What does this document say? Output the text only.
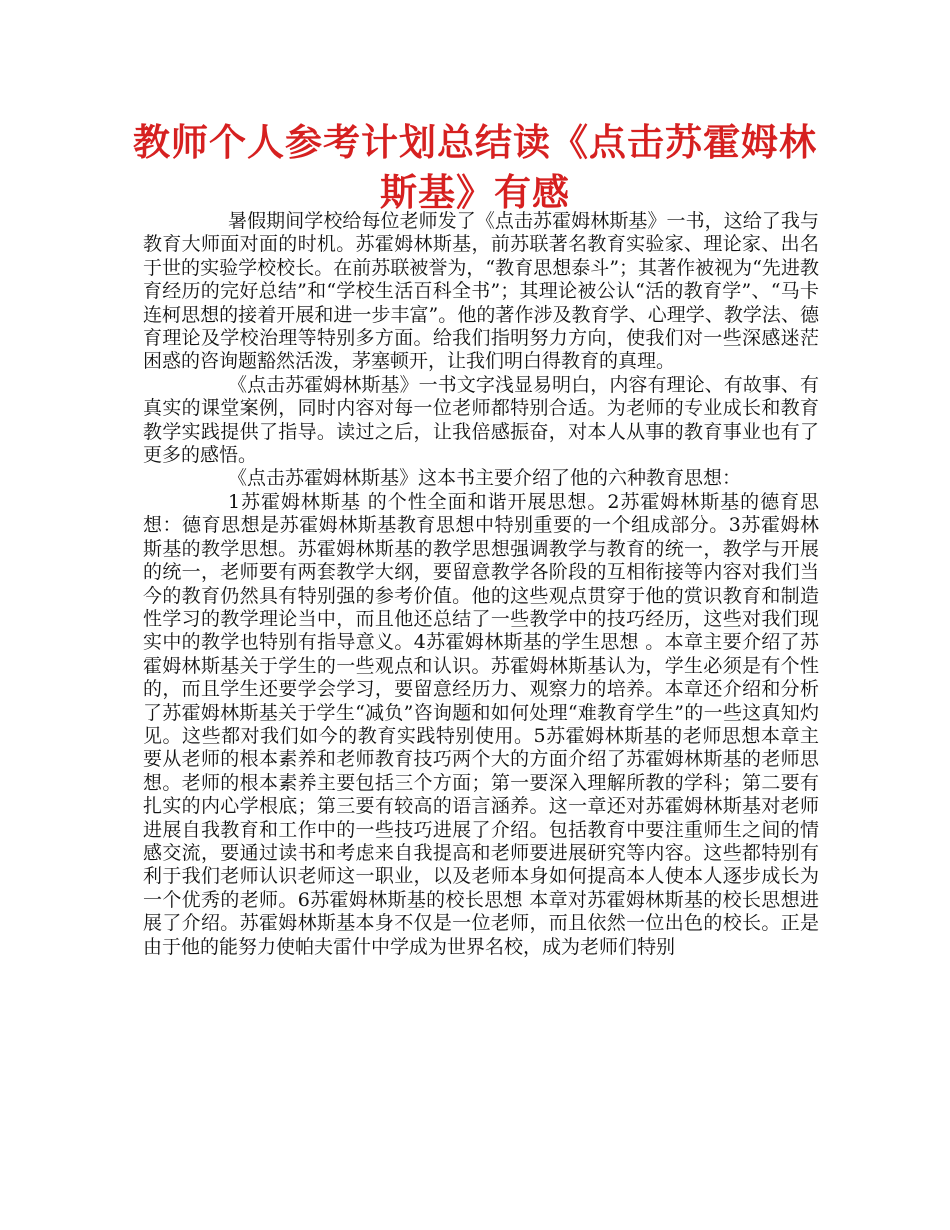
教师个人参考计划总结读《点击苏霍姆林斯基》有感

暑假期间学校给每位老师发了《点击苏霍姆林斯基》一书，这给了我与教育大师面对面的时机。苏霍姆林斯基，前苏联著名教育实验家、理论家、出名于世的实验学校校长。在前苏联被誉为，“教育思想泰斗”；其著作被视为“先进教育经历的完好总结”和“学校生活百科全书”；其理论被公认“活的教育学”、“马卡连柯思想的接着开展和进一步丰富”。他的著作涉及教育学、心理学、教学法、德育理论及学校治理等特别多方面。给我们指明努力方向，使我们对一些深感迷茫困惑的咨询题豁然活泼，茅塞顿开，让我们明白得教育的真理。

《点击苏霍姆林斯基》一书文字浅显易明白，内容有理论、有故事、有真实的课堂案例，同时内容对每一位老师都特别合适。为老师的专业成长和教育教学实践提供了指导。读过之后，让我倍感振奋，对本人从事的教育事业也有了更多的感悟。

《点击苏霍姆林斯基》这本书主要介绍了他的六种教育思想：

1苏霍姆林斯基 的个性全面和谐开展思想。2苏霍姆林斯基的德育思想：德育思想是苏霍姆林斯基教育思想中特别重要的一个组成部分。3苏霍姆林斯基的教学思想。苏霍姆林斯基的教学思想强调教学与教育的统一，教学与开展的统一，老师要有两套教学大纲，要留意教学各阶段的互相衔接等内容对我们当今的教育仍然具有特别强的参考价值。他的这些观点贯穿于他的赏识教育和制造性学习的教学理论当中，而且他还总结了一些教学中的技巧经历，这些对我们现实中的教学也特别有指导意义。4苏霍姆林斯基的学生思想 。本章主要介绍了苏霍姆林斯基关于学生的一些观点和认识。苏霍姆林斯基认为，学生必须是有个性的，而且学生还要学会学习，要留意经历力、观察力的培养。本章还介绍和分析了苏霍姆林斯基关于学生“减负”咨询题和如何处理“难教育学生”的一些这真知灼见。这些都对我们如今的教育实践特别使用。5苏霍姆林斯基的老师思想本章主要从老师的根本素养和老师教育技巧两个大的方面介绍了苏霍姆林斯基的老师思想。老师的根本素养主要包括三个方面；第一要深入理解所教的学科；第二要有扎实的内心学根底；第三要有较高的语言涵养。这一章还对苏霍姆林斯基对老师进展自我教育和工作中的一些技巧进展了介绍。包括教育中要注重师生之间的情感交流，要通过读书和考虑来自我提高和老师要进展研究等内容。这些都特别有利于我们老师认识老师这一职业，以及老师本身如何提高本人使本人逐步成长为一个优秀的老师。6苏霍姆林斯基的校长思想 本章对苏霍姆林斯基的校长思想进展了介绍。苏霍姆林斯基本身不仅是一位老师，而且依然一位出色的校长。正是由于他的能努力使帕夫雷什中学成为世界名校，成为老师们特别
